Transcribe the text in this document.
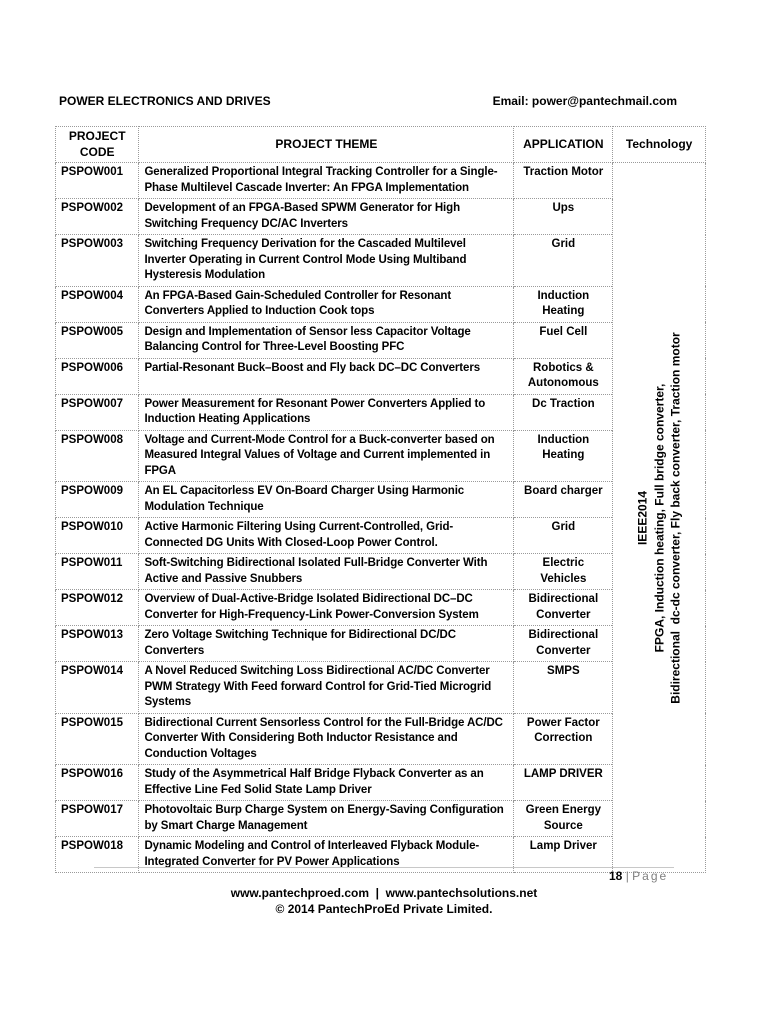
POWER ELECTRONICS AND DRIVES	Email: power@pantechmail.com
PROJECT CODE	PROJECT THEME	APPLICATION	Technology
PSPOW001	Generalized Proportional Integral Tracking Controller for a Single-Phase Multilevel Cascade Inverter: An FPGA Implementation	Traction Motor	IEEE2014 FPGA, Induction heating, Full bridge converter, Bidirectional  dc-dc converter, Fly back converter, Traction motor

PSPOW002	Development of an FPGA-Based SPWM Generator for High Switching Frequency DC/AC Inverters	Ups	
PSPOW003	Switching Frequency Derivation for the Cascaded Multilevel Inverter Operating in Current Control Mode Using Multiband Hysteresis Modulation	Grid	
PSPOW004	An FPGA-Based Gain-Scheduled Controller for Resonant Converters Applied to Induction Cook tops	Induction Heating	
PSPOW005	Design and Implementation of Sensor less Capacitor Voltage Balancing Control for Three-Level Boosting PFC	Fuel Cell	
PSPOW006	Partial-Resonant Buck–Boost and Fly back DC–DC Converters	Robotics & Autonomous	
PSPOW007	Power Measurement for Resonant Power Converters Applied to Induction Heating Applications	Dc Traction	
PSPOW008	Voltage and Current-Mode Control for a Buck-converter based on Measured Integral Values of Voltage and Current implemented in FPGA	Induction Heating	
PSPOW009	An EL Capacitorless EV On-Board Charger Using Harmonic Modulation Technique	Board charger	
PSPOW010	Active Harmonic Filtering Using Current-Controlled, Grid-Connected DG Units With Closed-Loop Power Control.	Grid	
PSPOW011	Soft-Switching Bidirectional Isolated Full-Bridge Converter With Active and Passive Snubbers	Electric Vehicles	
PSPOW012	Overview of Dual-Active-Bridge Isolated Bidirectional DC–DC Converter for High-Frequency-Link Power-Conversion System	Bidirectional Converter	
PSPOW013	Zero Voltage Switching Technique for Bidirectional DC/DC Converters	Bidirectional Converter	
PSPOW014	A Novel Reduced Switching Loss Bidirectional AC/DC Converter PWM Strategy With Feed forward Control for Grid-Tied Microgrid Systems	SMPS	
PSPOW015	Bidirectional Current Sensorless Control for the Full-Bridge AC/DC Converter With Considering Both Inductor Resistance and Conduction Voltages	Power Factor Correction	
PSPOW016	Study of the Asymmetrical Half Bridge Flyback Converter as an Effective Line Fed Solid State Lamp Driver	LAMP DRIVER	
PSPOW017	Photovoltaic Burp Charge System on Energy-Saving Configuration by Smart Charge Management	Green Energy Source	
PSPOW018	Dynamic Modeling and Control of Interleaved Flyback Module-Integrated Converter for PV Power Applications	Lamp Driver	
18 | Page
www.pantechproed.com  |  www.pantechsolutions.net
© 2014 PantechProEd Private Limited.
